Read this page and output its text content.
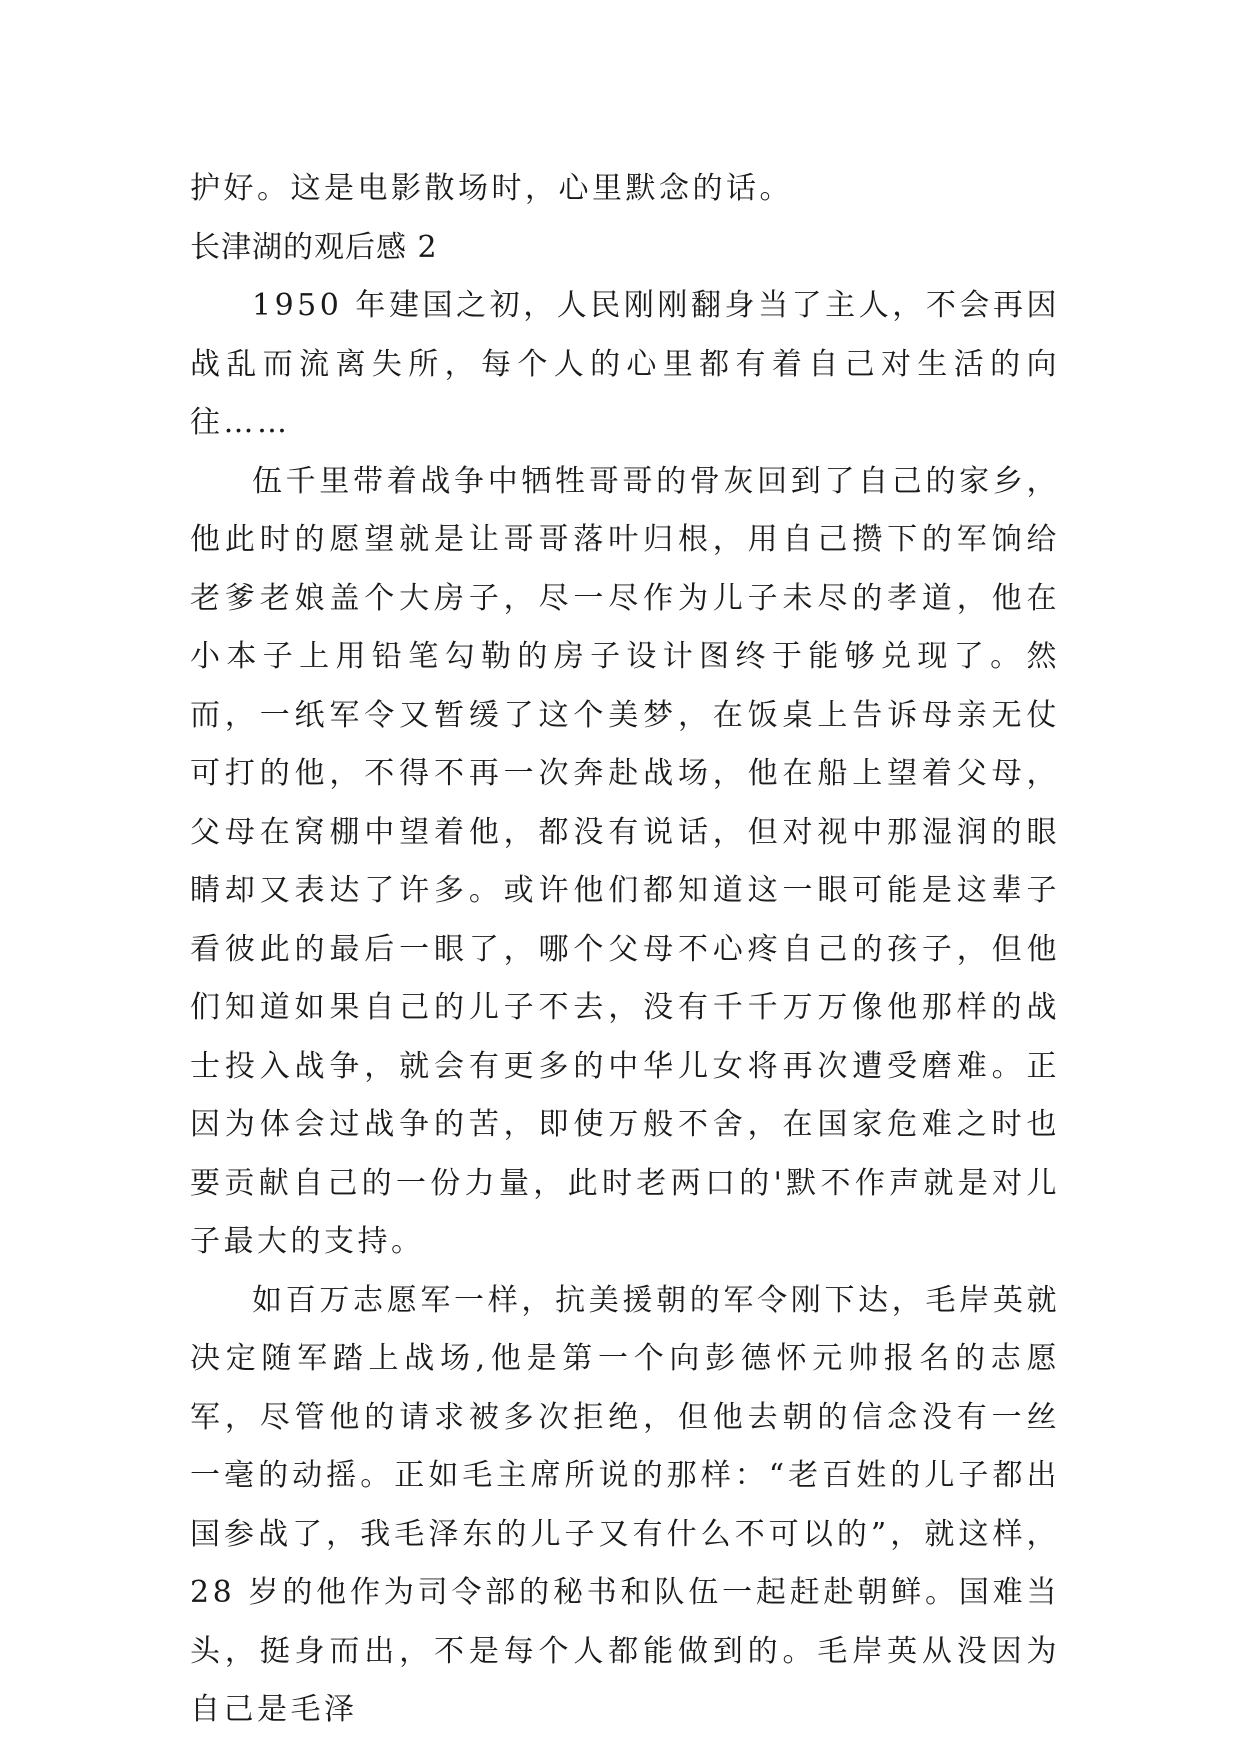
护好。这是电影散场时，心里默念的话。

长津湖的观后感 2

1950 年建国之初，人民刚刚翻身当了主人，不会再因战乱而流离失所，每个人的心里都有着自己对生活的向往……

伍千里带着战争中牺牲哥哥的骨灰回到了自己的家乡，他此时的愿望就是让哥哥落叶归根，用自己攒下的军饷给老爹老娘盖个大房子，尽一尽作为儿子未尽的孝道，他在小本子上用铅笔勾勒的房子设计图终于能够兑现了。然而，一纸军令又暂缓了这个美梦，在饭桌上告诉母亲无仗可打的他，不得不再一次奔赴战场，他在船上望着父母，父母在窝棚中望着他，都没有说话，但对视中那湿润的眼睛却又表达了许多。或许他们都知道这一眼可能是这辈子看彼此的最后一眼了，哪个父母不心疼自己的孩子，但他们知道如果自己的儿子不去，没有千千万万像他那样的战士投入战争，就会有更多的中华儿女将再次遭受磨难。正因为体会过战争的苦，即使万般不舍，在国家危难之时也要贡献自己的一份力量，此时老两口的'默不作声就是对儿子最大的支持。

如百万志愿军一样，抗美援朝的军令刚下达，毛岸英就决定随军踏上战场,他是第一个向彭德怀元帅报名的志愿军，尽管他的请求被多次拒绝，但他去朝的信念没有一丝一毫的动摇。正如毛主席所说的那样：“老百姓的儿子都出国参战了，我毛泽东的儿子又有什么不可以的”，就这样，28 岁的他作为司令部的秘书和队伍一起赶赴朝鲜。国难当头，挺身而出，不是每个人都能做到的。毛岸英从没因为自己是毛泽
